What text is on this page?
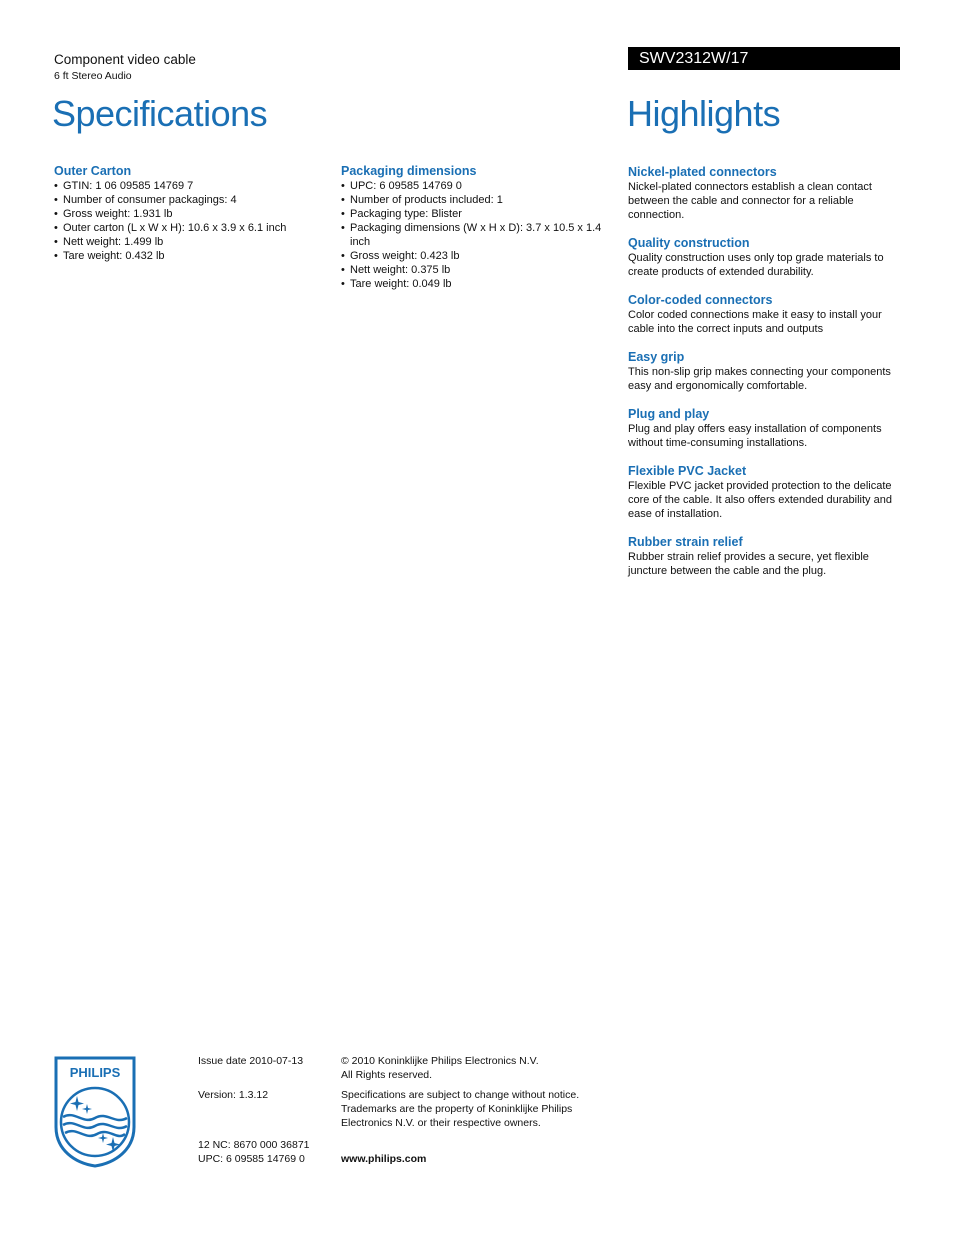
Component video cable
6 ft Stereo Audio
SWV2312W/17
Specifications	Highlights
Outer Carton
• GTIN: 1 06 09585 14769 7
• Number of consumer packagings: 4
• Gross weight: 1.931 lb
• Outer carton (L x W x H): 10.6 x 3.9 x 6.1 inch
• Nett weight: 1.499 lb
• Tare weight: 0.432 lb
Packaging dimensions
• UPC: 6 09585 14769 0
• Number of products included: 1
• Packaging type: Blister
• Packaging dimensions (W x H x D): 3.7 x 10.5 x 1.4 inch
• Gross weight: 0.423 lb
• Nett weight: 0.375 lb
• Tare weight: 0.049 lb
Nickel-plated connectors
Nickel-plated connectors establish a clean contact between the cable and connector for a reliable connection.
Quality construction
Quality construction uses only top grade materials to create products of extended durability.
Color-coded connectors
Color coded connections make it easy to install your cable into the correct inputs and outputs
Easy grip
This non-slip grip makes connecting your components easy and ergonomically comfortable.
Plug and play
Plug and play offers easy installation of components without time-consuming installations.
Flexible PVC Jacket
Flexible PVC jacket provided protection to the delicate core of the cable. It also offers extended durability and ease of installation.
Rubber strain relief
Rubber strain relief provides a secure, yet flexible juncture between the cable and the plug.
PHILIPS
Issue date 2010-07-13
Version: 1.3.12
12 NC: 8670 000 36871
UPC: 6 09585 14769 0
© 2010 Koninklijke Philips Electronics N.V.
All Rights reserved.
Specifications are subject to change without notice. Trademarks are the property of Koninklijke Philips Electronics N.V. or their respective owners.
www.philips.com
